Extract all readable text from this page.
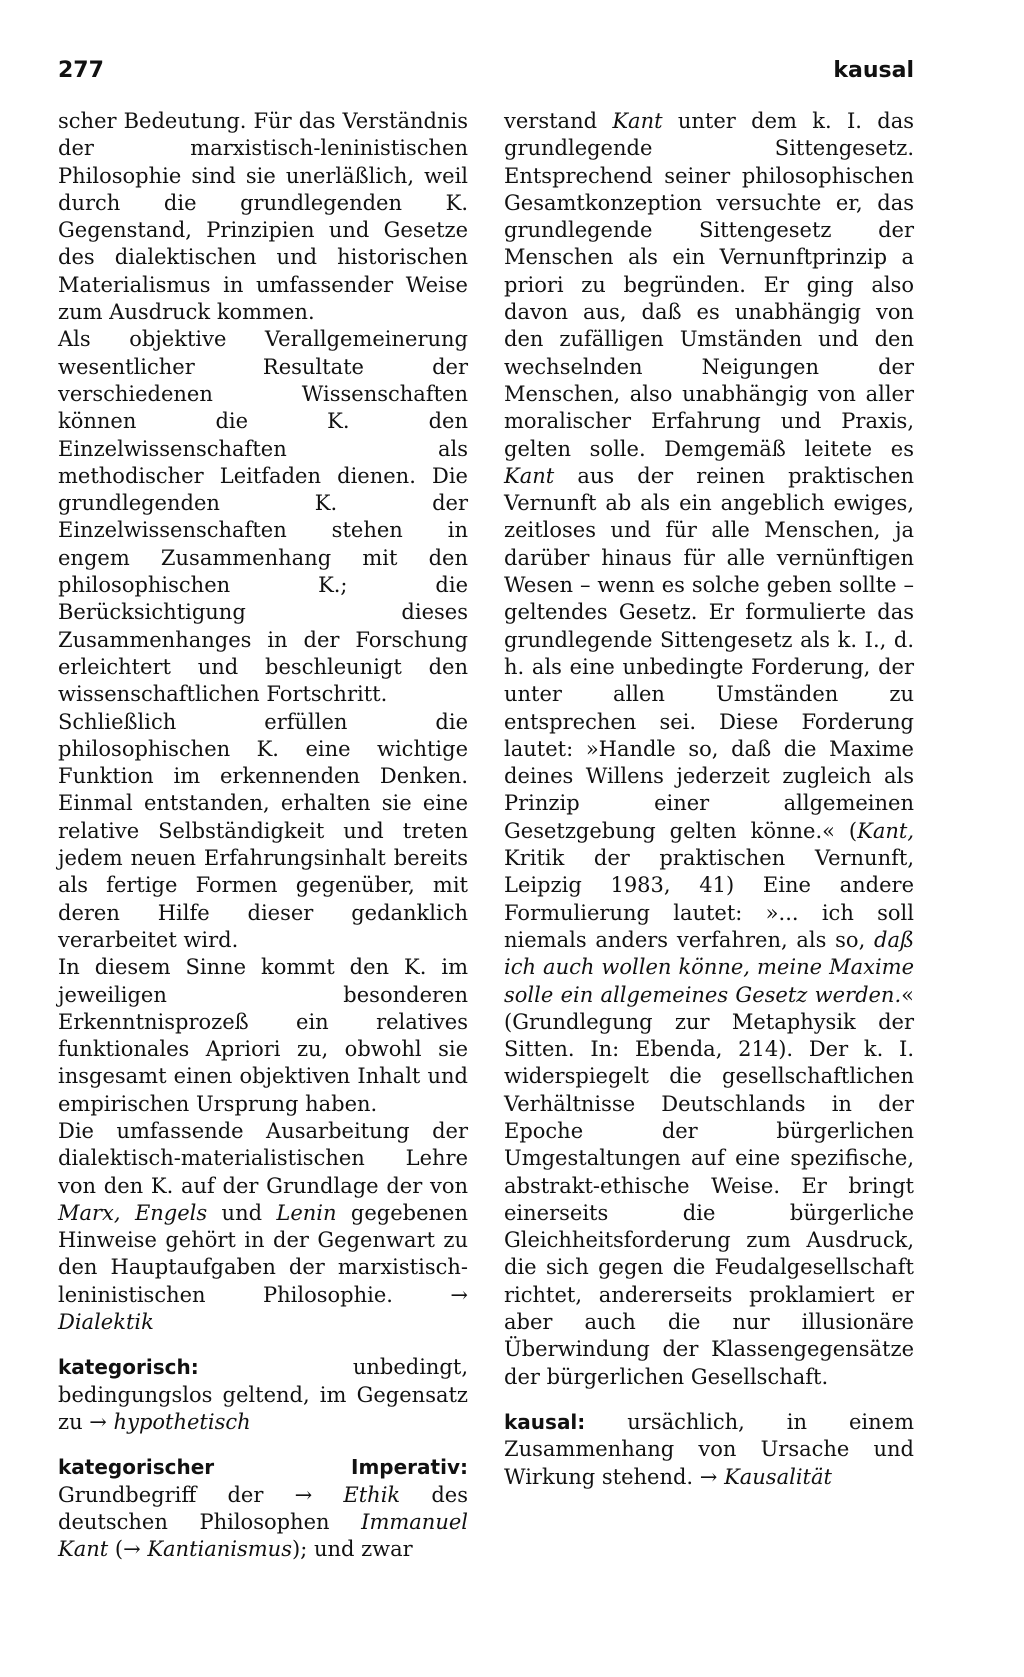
277	kausal

scher Bedeutung. Für das Verständnis der marxistisch-leninistischen Philosophie sind sie unerläßlich, weil durch die grundlegenden K. Gegenstand, Prinzipien und Gesetze des dialektischen und historischen Materialismus in umfassender Weise zum Ausdruck kommen.

Als objektive Verallgemeinerung wesentlicher Resultate der verschiedenen Wissenschaften können die K. den Einzelwissenschaften als methodischer Leitfaden dienen. Die grundlegenden K. der Einzelwissenschaften stehen in engem Zusammenhang mit den philosophischen K.; die Berücksichtigung dieses Zusammenhanges in der Forschung erleichtert und beschleunigt den wissenschaftlichen Fortschritt.

Schließlich erfüllen die philosophischen K. eine wichtige Funktion im erkennenden Denken. Einmal entstanden, erhalten sie eine relative Selbständigkeit und treten jedem neuen Erfahrungsinhalt bereits als fertige Formen gegenüber, mit deren Hilfe dieser gedanklich verarbeitet wird.

In diesem Sinne kommt den K. im jeweiligen besonderen Erkenntnisprozeß ein relatives funktionales Apriori zu, obwohl sie insgesamt einen objektiven Inhalt und empirischen Ursprung haben.

Die umfassende Ausarbeitung der dialektisch-materialistischen Lehre von den K. auf der Grundlage der von Marx, Engels und Lenin gegebenen Hinweise gehört in der Gegenwart zu den Hauptaufgaben der marxistisch-leninistischen Philosophie. → Dialektik

kategorisch: unbedingt, bedingungslos geltend, im Gegensatz zu → hypothetisch

kategorischer Imperativ: Grundbegriff der → Ethik des deutschen Philosophen Immanuel Kant (→ Kantianismus); und zwar

verstand Kant unter dem k. I. das grundlegende Sittengesetz. Entsprechend seiner philosophischen Gesamtkonzeption versuchte er, das grundlegende Sittengesetz der Menschen als ein Vernunftprinzip a priori zu begründen. Er ging also davon aus, daß es unabhängig von den zufälligen Umständen und den wechselnden Neigungen der Menschen, also unabhängig von aller moralischer Erfahrung und Praxis, gelten solle. Demgemäß leitete es Kant aus der reinen praktischen Vernunft ab als ein angeblich ewiges, zeitloses und für alle Menschen, ja darüber hinaus für alle vernünftigen Wesen – wenn es solche geben sollte – geltendes Gesetz. Er formulierte das grundlegende Sittengesetz als k. I., d. h. als eine unbedingte Forderung, der unter allen Umständen zu entsprechen sei. Diese Forderung lautet: »Handle so, daß die Maxime deines Willens jederzeit zugleich als Prinzip einer allgemeinen Gesetzgebung gelten könne.« (Kant, Kritik der praktischen Vernunft, Leipzig 1983, 41) Eine andere Formulierung lautet: »... ich soll niemals anders verfahren, als so, daß ich auch wollen könne, meine Maxime solle ein allgemeines Gesetz werden.« (Grundlegung zur Metaphysik der Sitten. In: Ebenda, 214). Der k. I. widerspiegelt die gesellschaftlichen Verhältnisse Deutschlands in der Epoche der bürgerlichen Umgestaltungen auf eine spezifische, abstrakt-ethische Weise. Er bringt einerseits die bürgerliche Gleichheitsforderung zum Ausdruck, die sich gegen die Feudalgesellschaft richtet, andererseits proklamiert er aber auch die nur illusionäre Überwindung der Klassengegensätze der bürgerlichen Gesellschaft.

kausal: ursächlich, in einem Zusammenhang von Ursache und Wirkung stehend. → Kausalität
